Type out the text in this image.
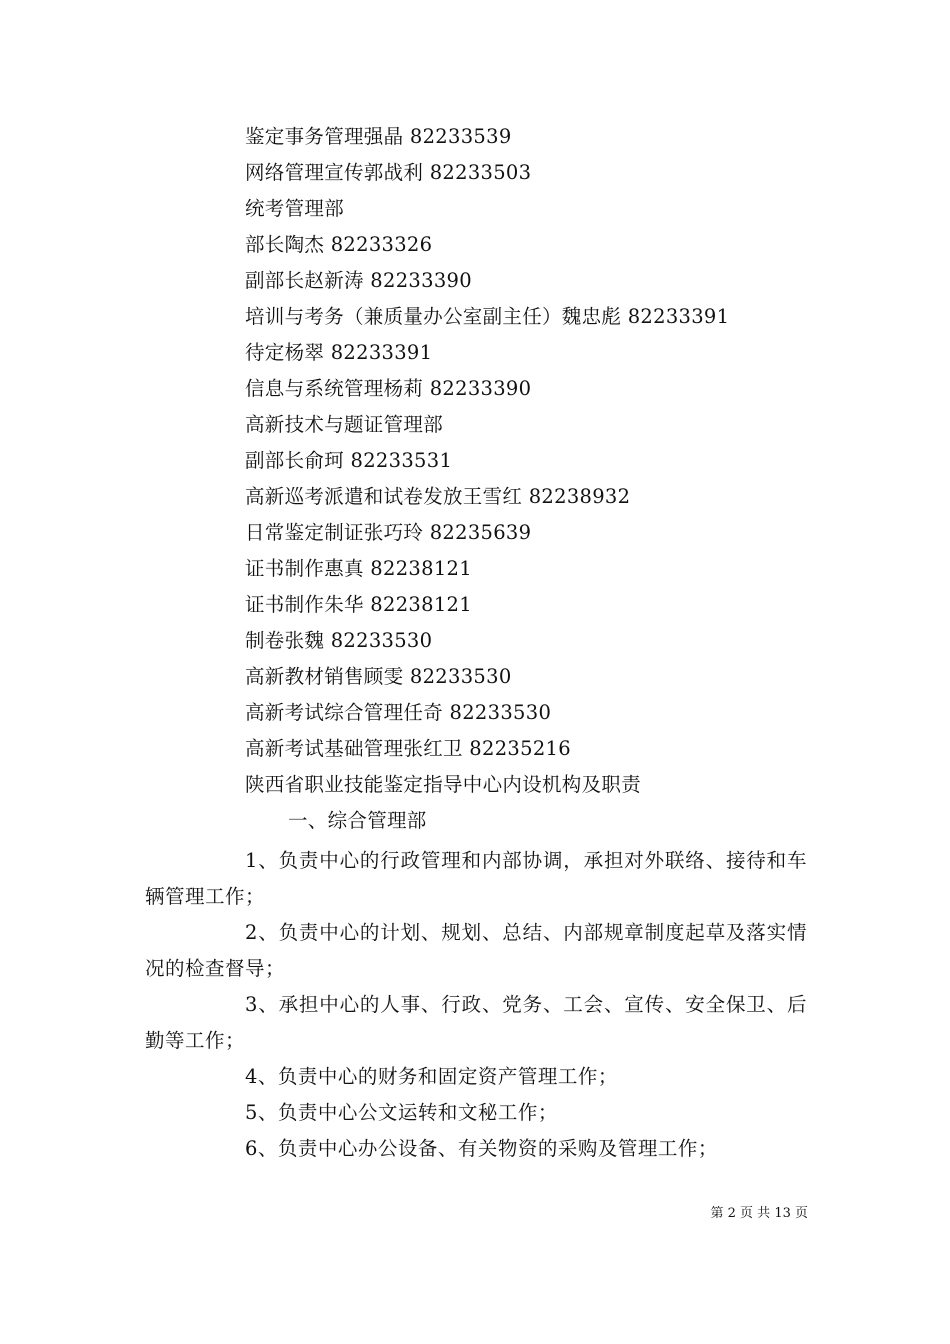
鉴定事务管理强晶 82233539
网络管理宣传郭战利 82233503
统考管理部
部长陶杰 82233326
副部长赵新涛 82233390
培训与考务（兼质量办公室副主任）魏忠彪 82233391
待定杨翠 82233391
信息与系统管理杨莉 82233390
高新技术与题证管理部
副部长俞珂 82233531
高新巡考派遣和试卷发放王雪红 82238932
日常鉴定制证张巧玲 82235639
证书制作惠真 82238121
证书制作朱华 82238121
制卷张魏 82233530
高新教材销售顾雯 82233530
高新考试综合管理任奇 82233530
高新考试基础管理张红卫 82235216
陕西省职业技能鉴定指导中心内设机构及职责
一、综合管理部
1、负责中心的行政管理和内部协调，承担对外联络、接待和车辆管理工作；
2、负责中心的计划、规划、总结、内部规章制度起草及落实情况的检查督导；
3、承担中心的人事、行政、党务、工会、宣传、安全保卫、后勤等工作；
4、负责中心的财务和固定资产管理工作；
5、负责中心公文运转和文秘工作；
6、负责中心办公设备、有关物资的采购及管理工作；
第 2 页 共 13 页
